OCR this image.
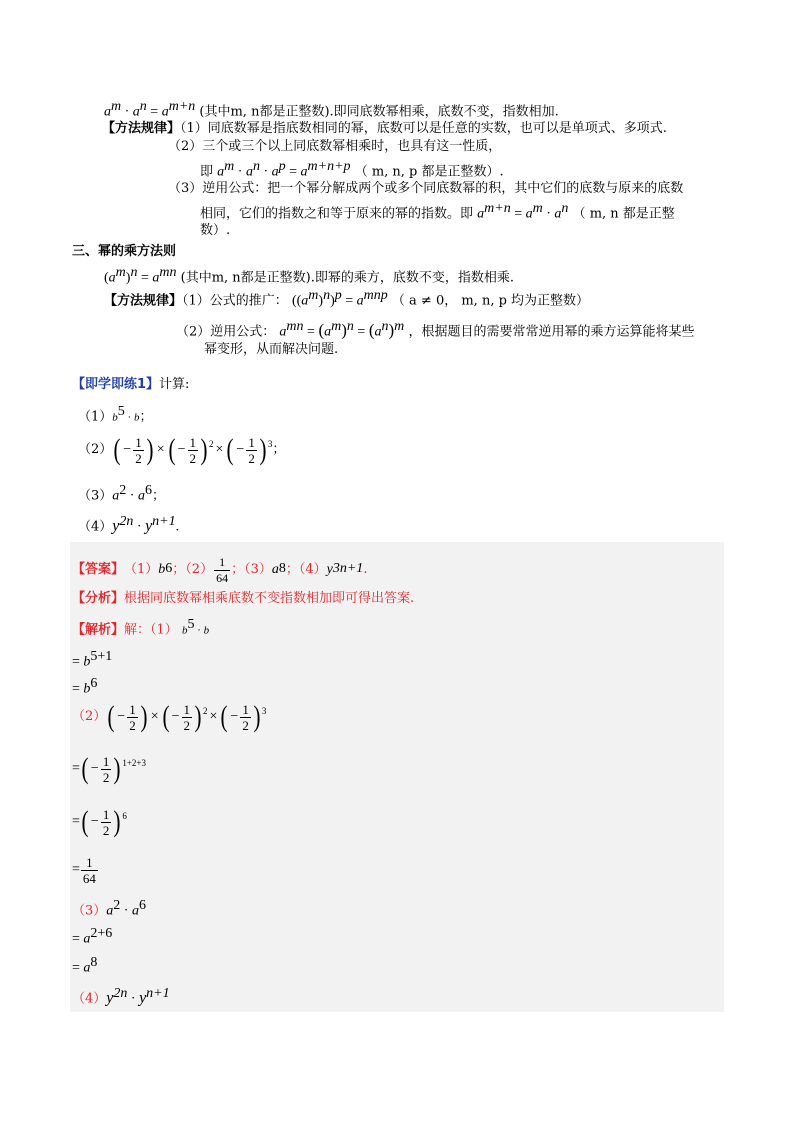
$a^m \cdot a^n = a^{m+n}$ (其中m, n都是正整数).即同底数幂相乘，底数不变，指数相加.
【方法规律】（1）同底数幂是指底数相同的幂，底数可以是任意的实数，也可以是单项式、多项式.
（2）三个或三个以上同底数幂相乘时，也具有这一性质，
即 $a^m \cdot a^n \cdot a^p = a^{m+n+p}$ （ m, n, p 都是正整数）.
（3）逆用公式：把一个幂分解成两个或多个同底数幂的积，其中它们的底数与原来的底数
相同，它们的指数之和等于原来的幂的指数。即 $a^{m+n} = a^m \cdot a^n$ （ m, n 都是正整
数）.
三、幂的乘方法则
$(a^m)^n = a^{mn}$ (其中m, n都是正整数).即幂的乘方，底数不变，指数相乘.
【方法规律】（1）公式的推广： $((a^m)^n)^p = a^{mnp}$ （ a ≠ 0， m, n, p 均为正整数）
（2）逆用公式： $a^{mn} = (a^m)^n = (a^n)^m$ ，根据题目的需要常常逆用幂的乘方运算能将某些
幂变形，从而解决问题.
【即学即练1】计算:
$(1)b^5 \cdot b$；
（2） ( − $\frac{1}{2}$ ) × ( − $\frac{1}{2}$ ) 2 × ( − $\frac{1}{2}$ ) 3 ；
$(3)a^2 \cdot a^6$；
$(4)y^{2n} \cdot y^{n+1}$.
【答案】 （1） b 6 ；$(2) \frac{1}{64}$ ；（3） a 8 ；（4） y 3n+1 .
【分析】根据同底数幂相乘底数不变指数相加即可得出答案.
【解析】解：（1） $b^5 \cdot b$
= $b^{5+1}$
= $b^6$
（2） ( − $\frac{1}{2}$ ) × ( − $\frac{1}{2}$ ) 2 × ( − $\frac{1}{2}$ ) 3
= ( − $\frac{1}{2}$ ) 1+2+3
= ( − $\frac{1}{2}$ ) 6
= $\frac{1}{64}$
$(3)a^2 \cdot a^6$
= $a^{2+6}$
= $a^8$
$(4)y^{2n} \cdot y^{n+1}$
